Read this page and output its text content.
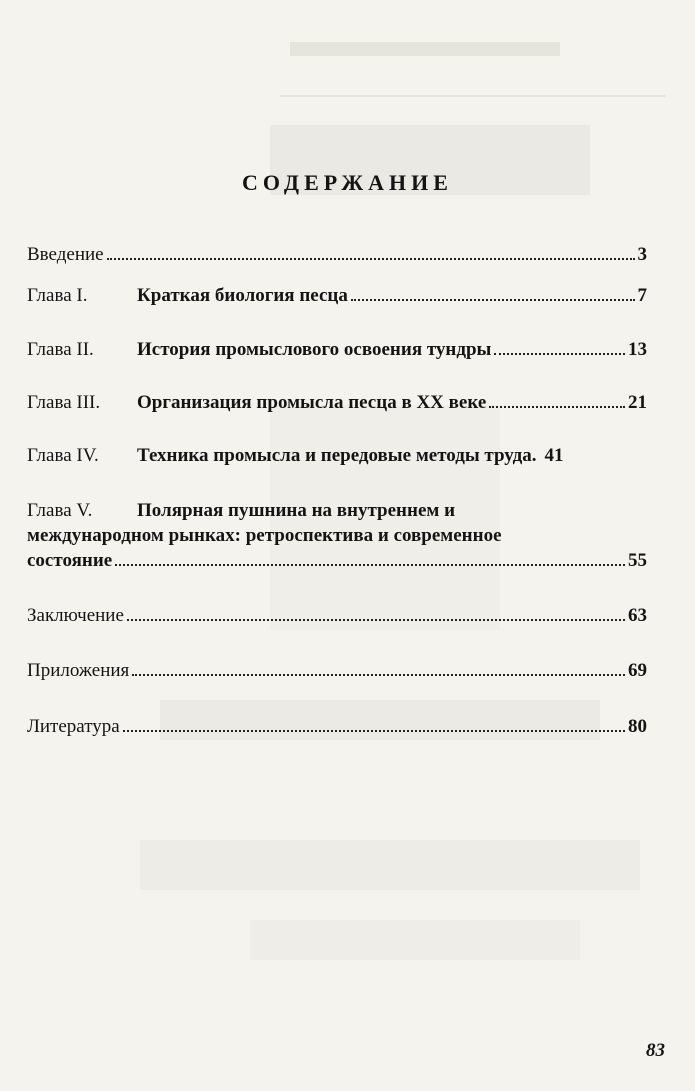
СОДЕРЖАНИЕ
Введение	3
Глава I.	Краткая биология песца	7
Глава II. История промыслового освоения тундры	13
Глава III. Организация промысла песца в XX веке	21
Глава IV. Техника промысла и передовые методы труда. 41
Глава V. Полярная пушнина на внутреннем и
международном рынках: ретроспектива и современное
состояние	55
Заключение	63
Приложения	69
Литература	80
83
